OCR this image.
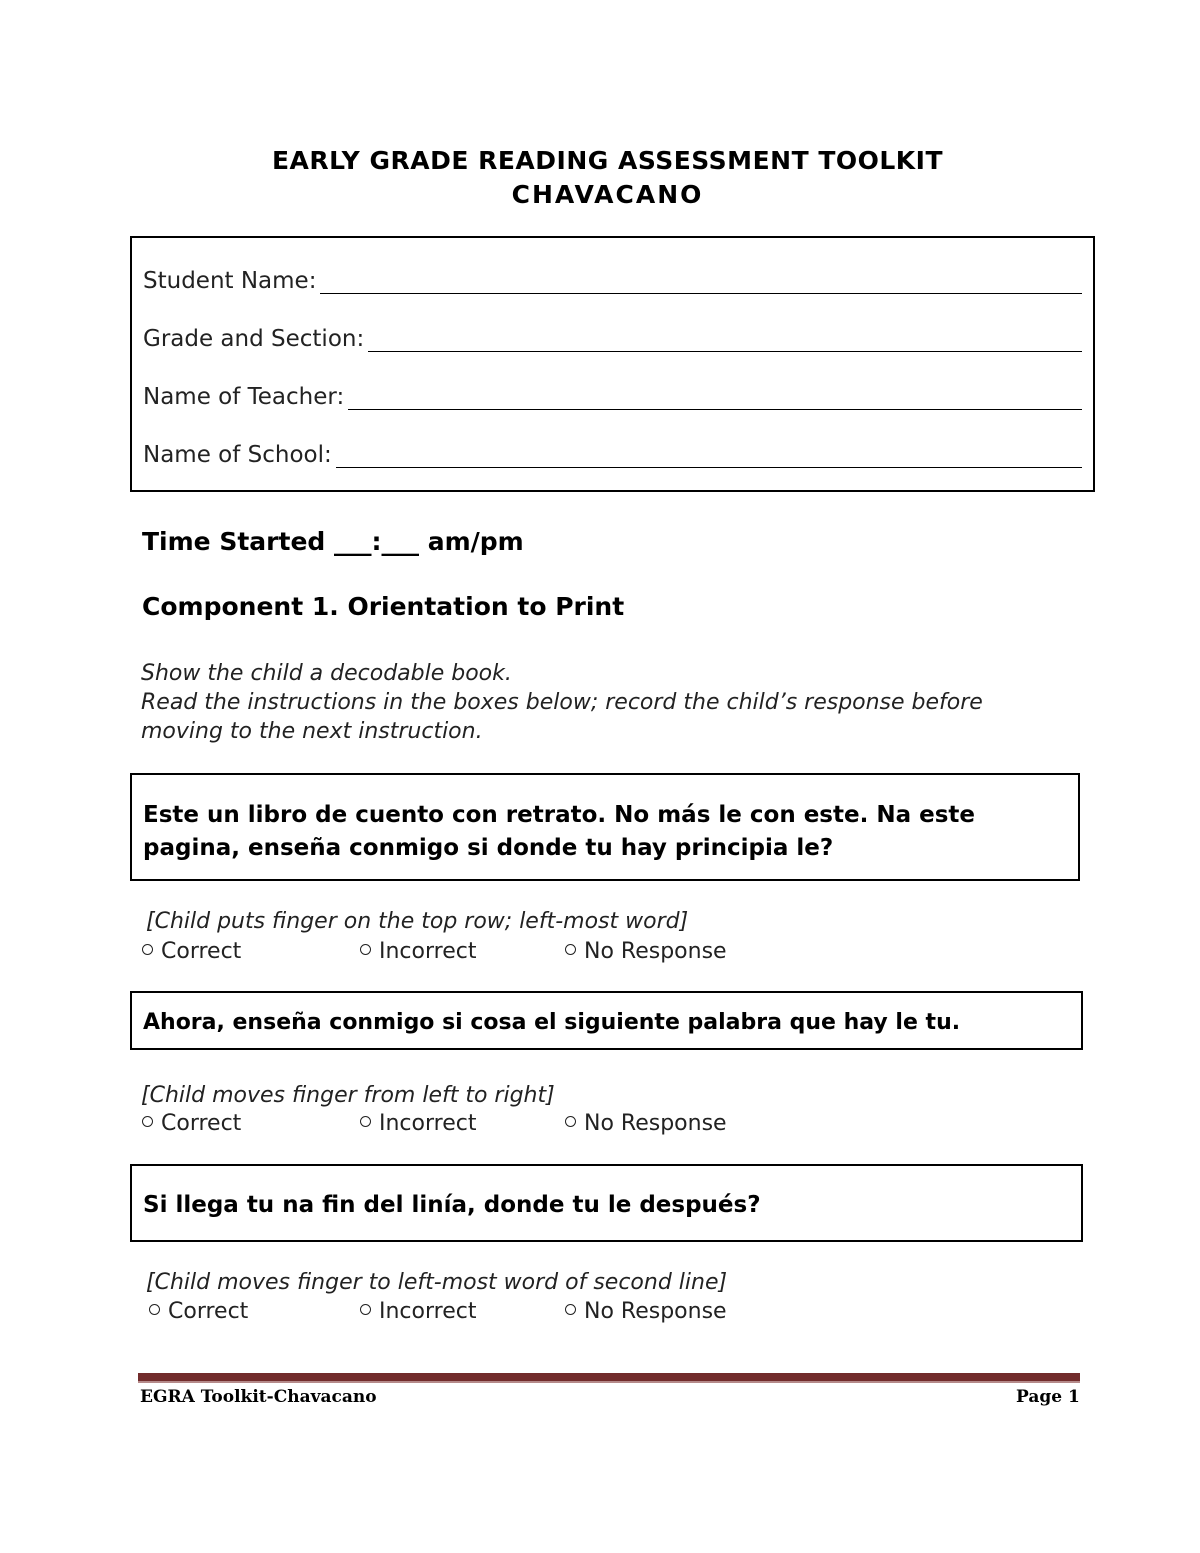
EARLY GRADE READING ASSESSMENT TOOLKIT
CHAVACANO
Student Name:
Grade and Section:
Name of Teacher:
Name of School:
Time Started ___:___ am/pm
Component 1. Orientation to Print
Show the child a decodable book.
Read the instructions in the boxes below; record the child’s response before moving to the next instruction.
Este un libro de cuento con retrato. No más le con este. Na este pagina, enseña conmigo si donde tu hay principia le?
[Child puts finger on the top row; left-most word]
Correct	Incorrect	No Response
Ahora, enseña conmigo si cosa el siguiente palabra que hay le tu.
[Child moves finger from left to right]
Correct	Incorrect	No Response
Si llega tu na fin del linía, donde tu le después?
[Child moves finger to left-most word of second line]
Correct	Incorrect	No Response
EGRA Toolkit-Chavacano	Page 1
